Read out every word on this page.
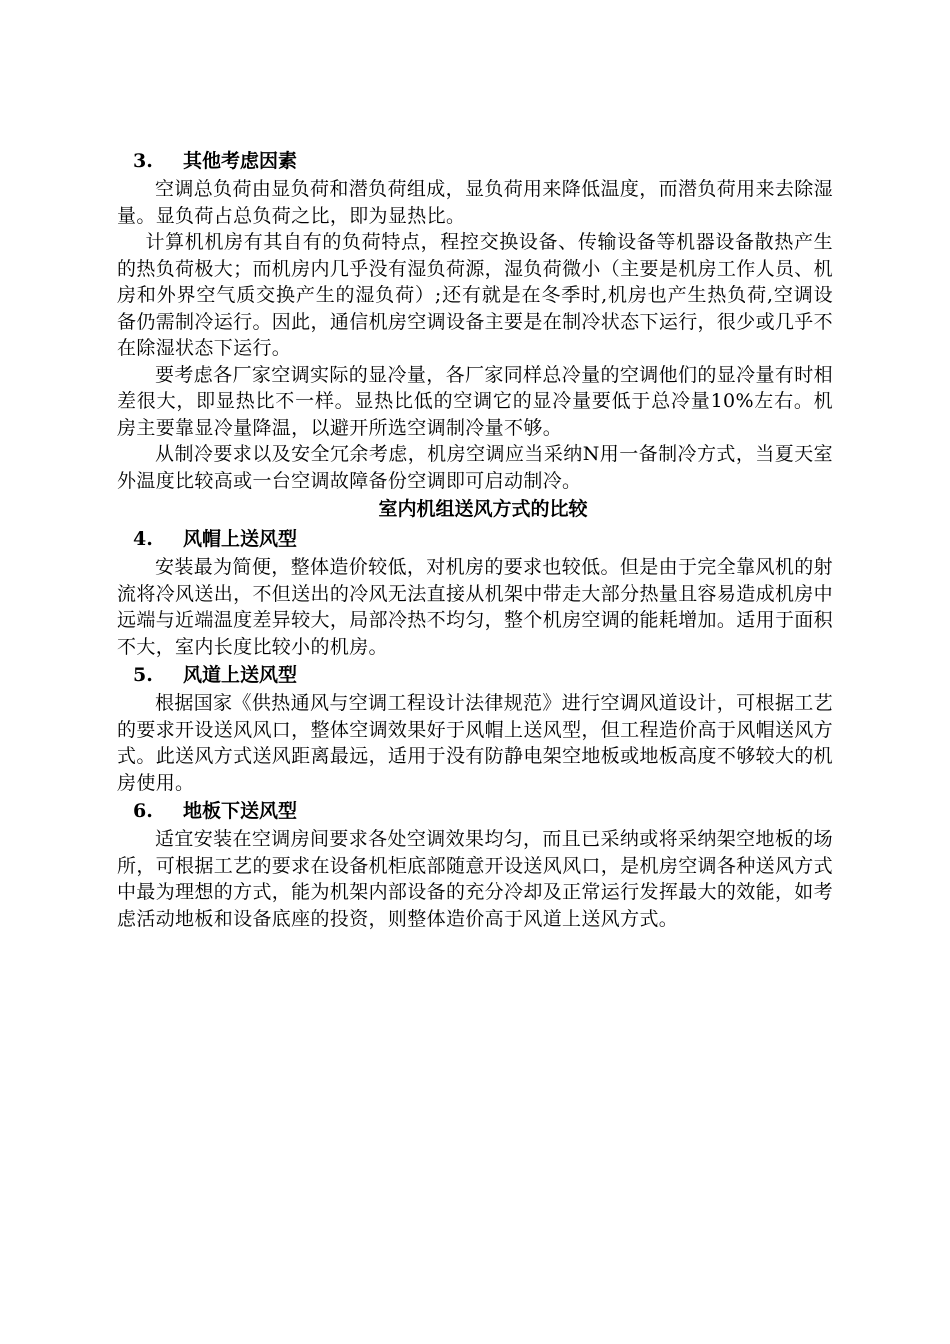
3.	其他考虑因素

空调总负荷由显负荷和潜负荷组成，显负荷用来降低温度，而潜负荷用来去除湿量。显负荷占总负荷之比，即为显热比。

计算机机房有其自有的负荷特点，程控交换设备、传输设备等机器设备散热产生的热负荷极大；而机房内几乎没有湿负荷源，湿负荷微小（主要是机房工作人员、机房和外界空气质交换产生的湿负荷）;还有就是在冬季时,机房也产生热负荷,空调设备仍需制冷运行。因此，通信机房空调设备主要是在制冷状态下运行，很少或几乎不在除湿状态下运行。

要考虑各厂家空调实际的显冷量，各厂家同样总冷量的空调他们的显冷量有时相差很大，即显热比不一样。显热比低的空调它的显冷量要低于总冷量10%左右。机房主要靠显冷量降温，以避开所选空调制冷量不够。

从制冷要求以及安全冗余考虑，机房空调应当采纳N用一备制冷方式，当夏天室外温度比较高或一台空调故障备份空调即可启动制冷。

室内机组送风方式的比较
4.	风帽上送风型

安装最为简便，整体造价较低，对机房的要求也较低。但是由于完全靠风机的射流将冷风送出，不但送出的冷风无法直接从机架中带走大部分热量且容易造成机房中远端与近端温度差异较大，局部冷热不均匀，整个机房空调的能耗增加。适用于面积不大，室内长度比较小的机房。

5.	风道上送风型

根据国家《供热通风与空调工程设计法律规范》进行空调风道设计，可根据工艺的要求开设送风风口，整体空调效果好于风帽上送风型，但工程造价高于风帽送风方式。此送风方式送风距离最远，适用于没有防静电架空地板或地板高度不够较大的机房使用。

6.	地板下送风型

适宜安装在空调房间要求各处空调效果均匀，而且已采纳或将采纳架空地板的场所，可根据工艺的要求在设备机柜底部随意开设送风风口，是机房空调各种送风方式中最为理想的方式，能为机架内部设备的充分冷却及正常运行发挥最大的效能，如考虑活动地板和设备底座的投资，则整体造价高于风道上送风方式。
